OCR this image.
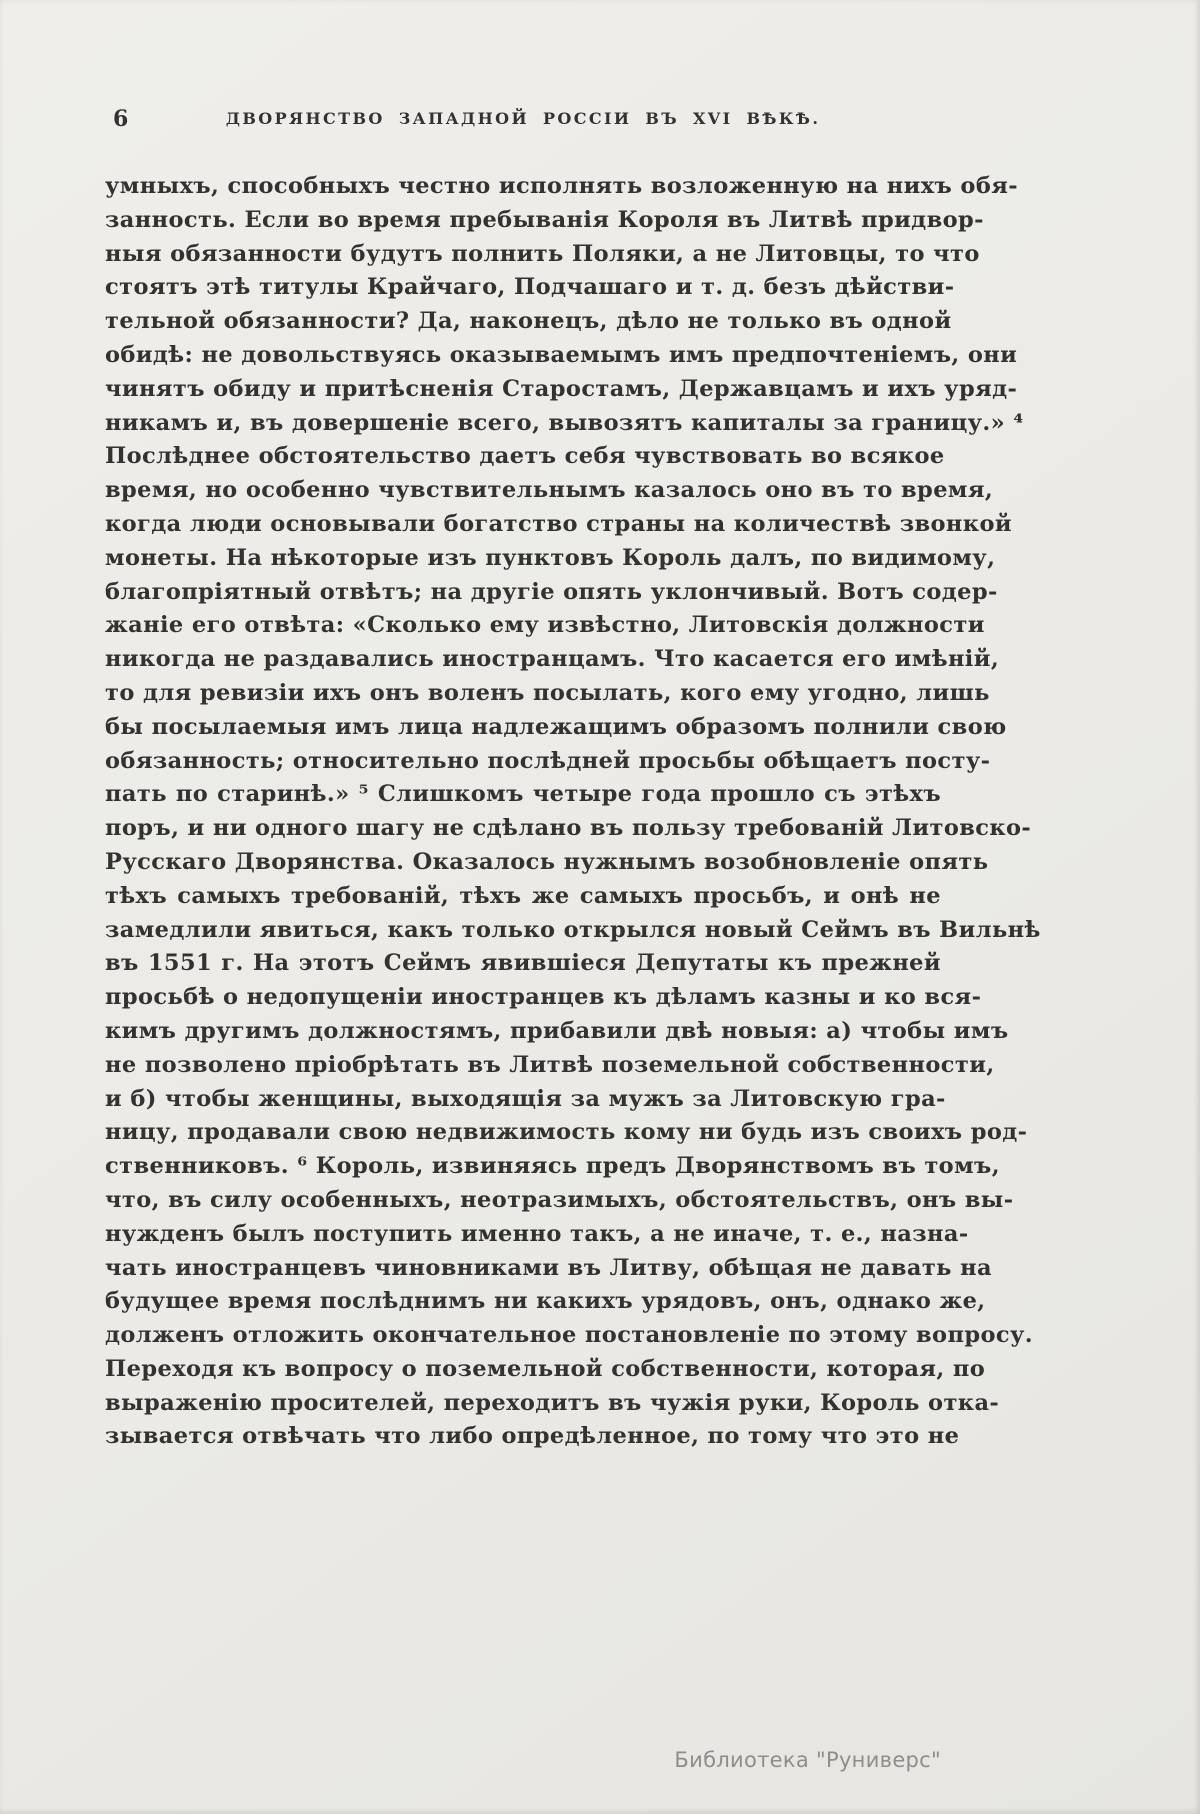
6	ДВОРЯНСТВО ЗАПАДНОЙ РОССІИ ВЪ XVI ВѢКѢ.
умныхъ, способныхъ честно исполнять возложенную на нихъ обя-
занность. Если во время пребыванія Короля въ Литвѣ придвор-
ныя обязанности будутъ полнить Поляки, а не Литовцы, то что
стоятъ этѣ титулы Крайчаго, Подчашаго и т. д. безъ дѣйстви-
тельной обязанности? Да, наконецъ, дѣло не только въ одной
обидѣ: не довольствуясь оказываемымъ имъ предпочтеніемъ, они
чинятъ обиду и притѣсненія Старостамъ, Державцамъ и ихъ уряд-
никамъ и, въ довершеніе всего, вывозятъ капиталы за границу.» ⁴
Послѣднее обстоятельство даетъ себя чувствовать во всякое
время, но особенно чувствительнымъ казалось оно въ то время,
когда люди основывали богатство страны на количествѣ звонкой
монеты. На нѣкоторые изъ пунктовъ Король далъ, по видимому,
благопріятный отвѣтъ; на другіе опять уклончивый. Вотъ содер-
жаніе его отвѣта: «Сколько ему извѣстно, Литовскія должности
никогда не раздавались иностранцамъ. Что касается его имѣній,
то для ревизіи ихъ онъ воленъ посылать, кого ему угодно, лишь
бы посылаемыя имъ лица надлежащимъ образомъ полнили свою
обязанность; относительно послѣдней просьбы обѣщаетъ посту-
пать по старинѣ.» ⁵ Слишкомъ четыре года прошло съ этѣхъ
поръ, и ни одного шагу не сдѣлано въ пользу требованій Литовско-
Русскаго Дворянства. Оказалось нужнымъ возобновленіе опять
тѣхъ самыхъ требованій, тѣхъ же самыхъ просьбъ, и онѣ не
замедлили явиться, какъ только открылся новый Сеймъ въ Вильнѣ
въ 1551 г. На этотъ Сеймъ явившіеся Депутаты къ прежней
просьбѣ о недопущеніи иностранцев къ дѣламъ казны и ко вся-
кимъ другимъ должностямъ, прибавили двѣ новыя: а) чтобы имъ
не позволено пріобрѣтать въ Литвѣ поземельной собственности,
и б) чтобы женщины, выходящія за мужъ за Литовскую гра-
ницу, продавали свою недвижимость кому ни будь изъ своихъ род-
ственниковъ. ⁶ Король, извиняясь предъ Дворянствомъ въ томъ,
что, въ силу особенныхъ, неотразимыхъ, обстоятельствъ, онъ вы-
нужденъ былъ поступить именно такъ, а не иначе, т. е., назна-
чать иностранцевъ чиновниками въ Литву, обѣщая не давать на
будущее время послѣднимъ ни какихъ урядовъ, онъ, однако же,
долженъ отложить окончательное постановленіе по этому вопросу.
Переходя къ вопросу о поземельной собственности, которая, по
выраженію просителей, переходитъ въ чужія руки, Король отка-
зывается отвѣчать что либо опредѣленное, по тому что это не
Библиотека "Руниверс"
